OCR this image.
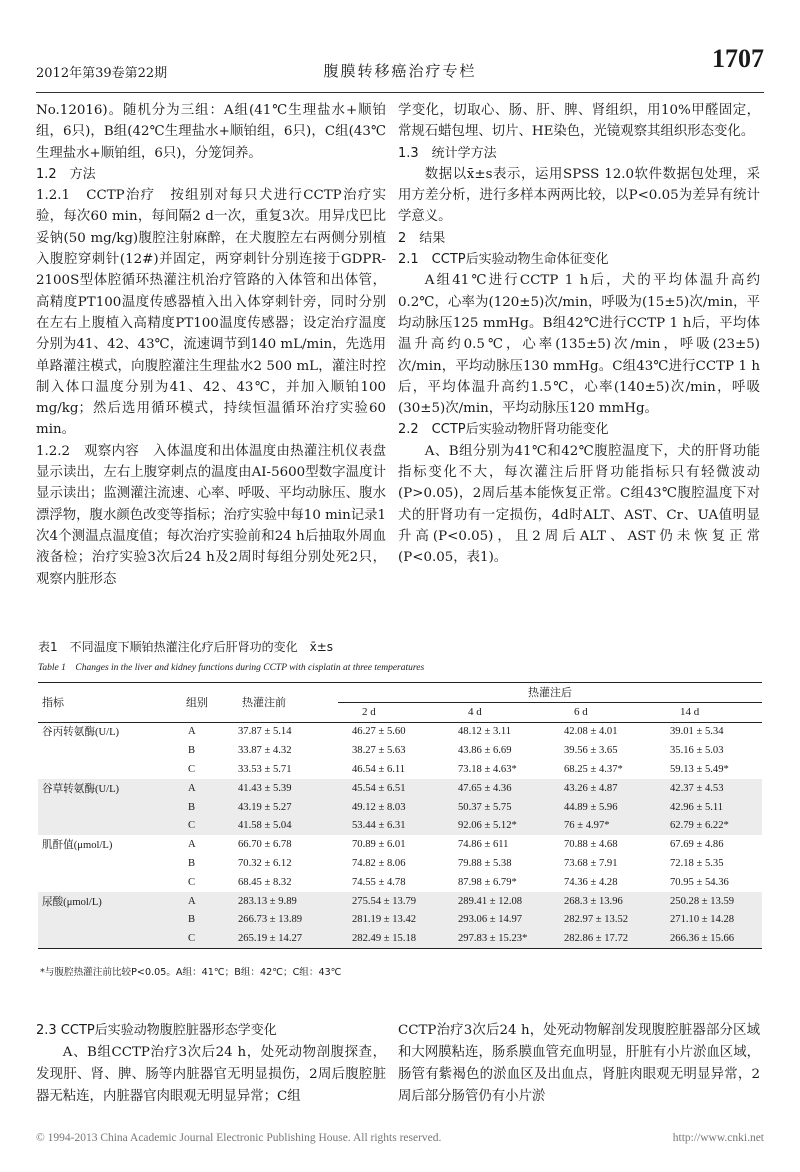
2012年第39卷第22期	腹膜转移癌治疗专栏	1707

No.12016)。随机分为三组：A组(41℃生理盐水+顺铂组，6只)，B组(42℃生理盐水+顺铂组，6只)，C组(43℃生理盐水+顺铂组，6只)，分笼饲养。

1.2　方法

1.2.1　CCTP治疗　按组别对每只犬进行CCTP治疗实验，每次60 min，每间隔2 d一次，重复3次。用异戊巴比妥钠(50 mg/kg)腹腔注射麻醉，在犬腹腔左右两侧分别植入腹腔穿刺针(12#)并固定，两穿刺针分别连接于GDPR-2100S型体腔循环热灌注机治疗管路的入体管和出体管，高精度PT100温度传感器植入出入体穿刺针旁，同时分别在左右上腹植入高精度PT100温度传感器；设定治疗温度分别为41、42、43℃，流速调节到140 mL/min，先选用单路灌注模式，向腹腔灌注生理盐水2 500 mL，灌注时控制入体口温度分别为41、42、43℃，并加入顺铂100 mg/kg；然后选用循环模式，持续恒温循环治疗实验60 min。

1.2.2　观察内容　入体温度和出体温度由热灌注机仪表盘显示读出，左右上腹穿刺点的温度由AI-5600型数字温度计显示读出；监测灌注流速、心率、呼吸、平均动脉压、腹水漂浮物，腹水颜色改变等指标；治疗实验中每10 min记录1次4个测温点温度值；每次治疗实验前和24 h后抽取外周血液备检；治疗实验3次后24 h及2周时每组分别处死2只，观察内脏形态

学变化，切取心、肠、肝、脾、肾组织，用10%甲醛固定，常规石蜡包埋、切片、HE染色，光镜观察其组织形态变化。

1.3　统计学方法

数据以x̄±s表示，运用SPSS 12.0软件数据包处理，采用方差分析，进行多样本两两比较，以P<0.05为差异有统计学意义。

2　结果

2.1　CCTP后实验动物生命体征变化

A组41℃进行CCTP 1 h后，犬的平均体温升高约0.2℃，心率为(120±5)次/min，呼吸为(15±5)次/min，平均动脉压125 mmHg。B组42℃进行CCTP 1 h后，平均体温升高约0.5℃，心率(135±5)次/min，呼吸(23±5)次/min，平均动脉压130 mmHg。C组43℃进行CCTP 1 h后，平均体温升高约1.5℃，心率(140±5)次/min，呼吸(30±5)次/min，平均动脉压120 mmHg。

2.2　CCTP后实验动物肝肾功能变化

A、B组分别为41℃和42℃腹腔温度下，犬的肝肾功能指标变化不大，每次灌注后肝肾功能指标只有轻微波动(P>0.05)，2周后基本能恢复正常。C组43℃腹腔温度下对犬的肝肾功有一定损伤，4d时ALT、AST、Cr、UA值明显升高(P<0.05)，且2周后ALT、AST仍未恢复正常(P<0.05，表1)。

表1　不同温度下顺铂热灌注化疗后肝肾功的变化　x̄±s
Table 1　Changes in the liver and kidney functions during CCTP with cisplatin at three temperatures
指标	组别	热灌注前	热灌注后			
			2 d	4 d	6 d	14 d
谷丙转氨酶(U/L)	A	37.87 ± 5.14	46.27 ± 5.60	48.12 ± 3.11	42.08 ± 4.01	39.01 ± 5.34
	B	33.87 ± 4.32	38.27 ± 5.63	43.86 ± 6.69	39.56 ± 3.65	35.16 ± 5.03
	C	33.53 ± 5.71	46.54 ± 6.11	73.18 ± 4.63*	68.25 ± 4.37*	59.13 ± 5.49*
谷草转氨酶(U/L)	A	41.43 ± 5.39	45.54 ± 6.51	47.65 ± 4.36	43.26 ± 4.87	42.37 ± 4.53
	B	43.19 ± 5.27	49.12 ± 8.03	50.37 ± 5.75	44.89 ± 5.96	42.96 ± 5.11
	C	41.58 ± 5.04	53.44 ± 6.31	92.06 ± 5.12*	76 ± 4.97*	62.79 ± 6.22*
肌酐值(μmol/L)	A	66.70 ± 6.78	70.89 ± 6.01	74.86 ± 611	70.88 ± 4.68	67.69 ± 4.86
	B	70.32 ± 6.12	74.82 ± 8.06	79.88 ± 5.38	73.68 ± 7.91	72.18 ± 5.35
	C	68.45 ± 8.32	74.55 ± 4.78	87.98 ± 6.79*	74.36 ± 4.28	70.95 ± 54.36
尿酸(μmol/L)	A	283.13 ± 9.89	275.54 ± 13.79	289.41 ± 12.08	268.3 ± 13.96	250.28 ± 13.59
	B	266.73 ± 13.89	281.19 ± 13.42	293.06 ± 14.97	282.97 ± 13.52	271.10 ± 14.28
	C	265.19 ± 14.27	282.49 ± 15.18	297.83 ± 15.23*	282.86 ± 17.72	266.36 ± 15.66
*与腹腔热灌注前比较P<0.05。A组：41℃；B组：42℃；C组：43℃

2.3 CCTP后实验动物腹腔脏器形态学变化

A、B组CCTP治疗3次后24 h，处死动物剖腹探查，发现肝、肾、脾、肠等内脏器官无明显损伤，2周后腹腔脏器无粘连，内脏器官肉眼观无明显异常；C组

CCTP治疗3次后24 h，处死动物解剖发现腹腔脏器部分区域和大网膜粘连，肠系膜血管充血明显，肝脏有小片淤血区域，肠管有紫褐色的淤血区及出血点，肾脏肉眼观无明显异常，2周后部分肠管仍有小片淤

© 1994-2013 China Academic Journal Electronic Publishing House. All rights reserved.	http://www.cnki.net
